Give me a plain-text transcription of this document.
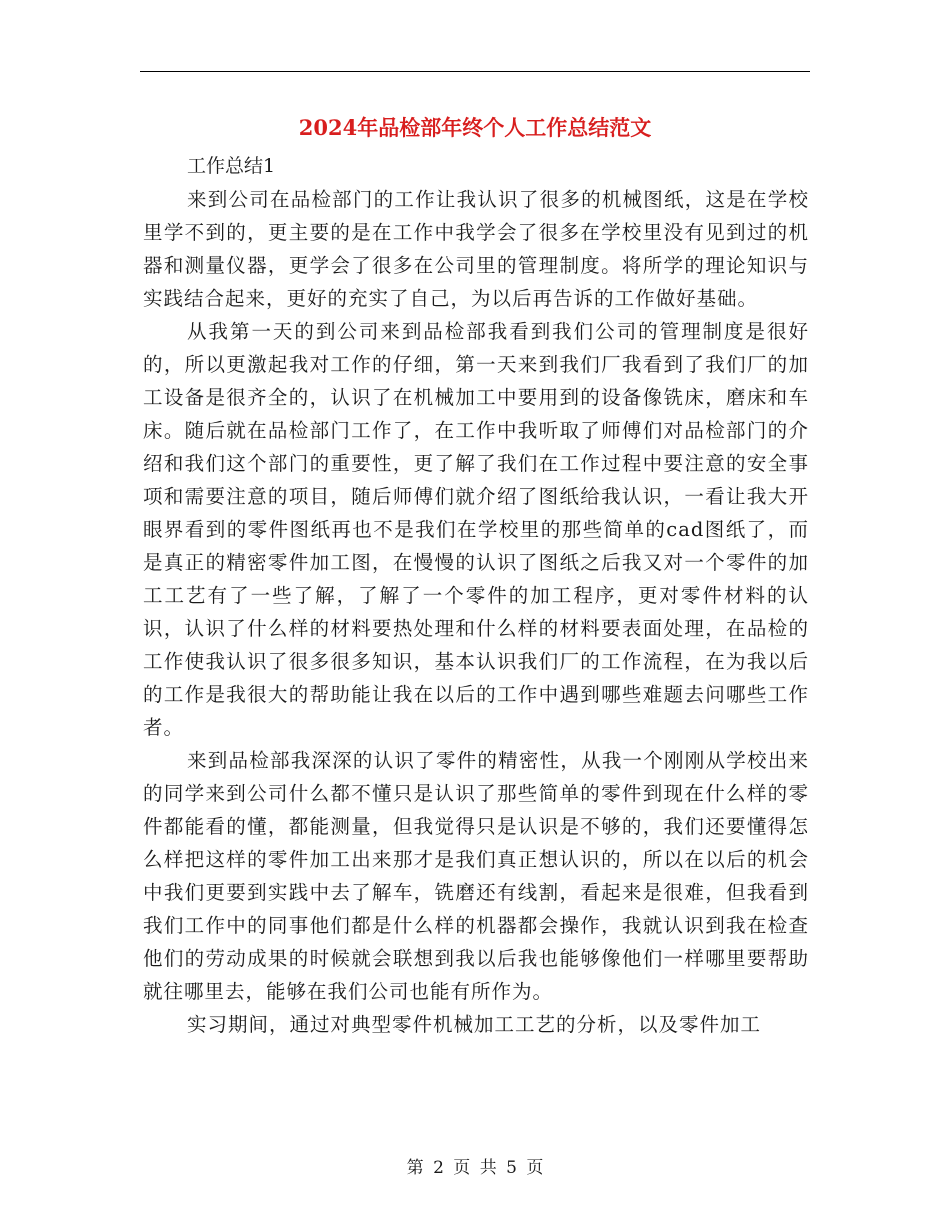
2024年品检部年终个人工作总结范文

工作总结1

来到公司在品检部门的工作让我认识了很多的机械图纸，这是在学校里学不到的，更主要的是在工作中我学会了很多在学校里没有见到过的机器和测量仪器，更学会了很多在公司里的管理制度。将所学的理论知识与实践结合起来，更好的充实了自己，为以后再告诉的工作做好基础。

从我第一天的到公司来到品检部我看到我们公司的管理制度是很好的，所以更激起我对工作的仔细，第一天来到我们厂我看到了我们厂的加工设备是很齐全的，认识了在机械加工中要用到的设备像铣床，磨床和车床。随后就在品检部门工作了，在工作中我听取了师傅们对品检部门的介绍和我们这个部门的重要性，更了解了我们在工作过程中要注意的安全事项和需要注意的项目，随后师傅们就介绍了图纸给我认识，一看让我大开眼界看到的零件图纸再也不是我们在学校里的那些简单的cad图纸了，而是真正的精密零件加工图，在慢慢的认识了图纸之后我又对一个零件的加工工艺有了一些了解，了解了一个零件的加工程序，更对零件材料的认识，认识了什么样的材料要热处理和什么样的材料要表面处理，在品检的工作使我认识了很多很多知识，基本认识我们厂的工作流程，在为我以后的工作是我很大的帮助能让我在以后的工作中遇到哪些难题去问哪些工作者。

来到品检部我深深的认识了零件的精密性，从我一个刚刚从学校出来的同学来到公司什么都不懂只是认识了那些简单的零件到现在什么样的零件都能看的懂，都能测量，但我觉得只是认识是不够的，我们还要懂得怎么样把这样的零件加工出来那才是我们真正想认识的，所以在以后的机会中我们更要到实践中去了解车，铣磨还有线割，看起来是很难，但我看到我们工作中的同事他们都是什么样的机器都会操作，我就认识到我在检查他们的劳动成果的时候就会联想到我以后我也能够像他们一样哪里要帮助就往哪里去，能够在我们公司也能有所作为。

实习期间，通过对典型零件机械加工工艺的分析，以及零件加工

第 2 页 共 5 页
